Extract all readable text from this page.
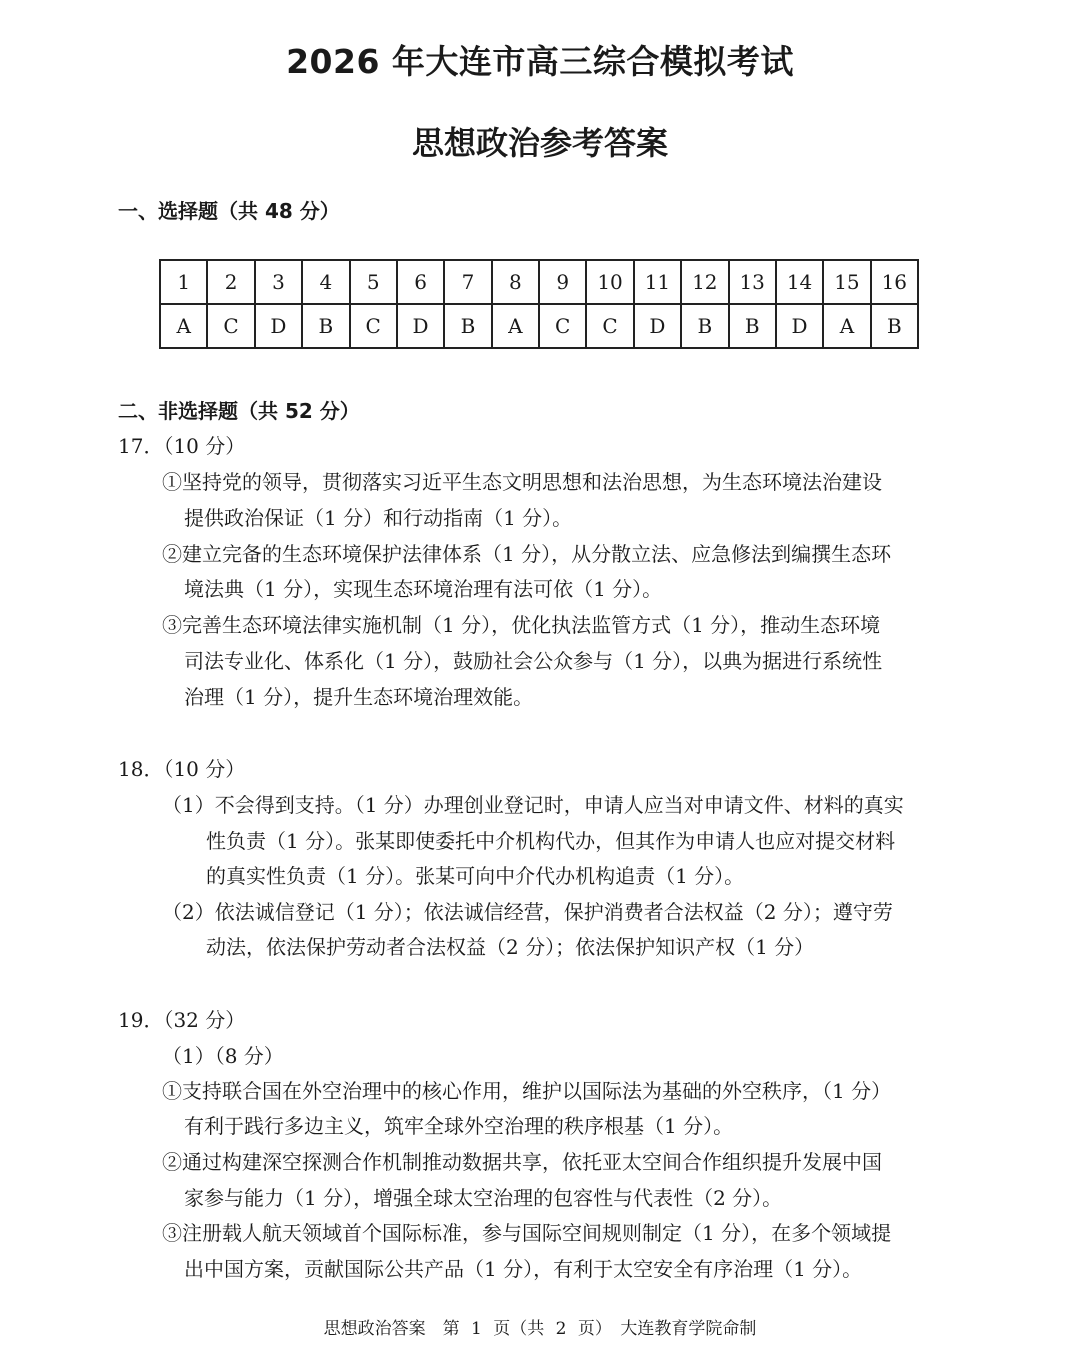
2026 年大连市高三综合模拟考试
思想政治参考答案
一、选择题（共 48 分）
1	2	3	4	5	6	7	8	9	10	11	12	13	14	15	16
A	C	D	B	C	D	B	A	C	C	D	B	B	D	A	B
二、非选择题（共 52 分）
17．（10 分）
①坚持党的领导，贯彻落实习近平生态文明思想和法治思想，为生态环境法治建设
提供政治保证（1 分）和行动指南（1 分）。
②建立完备的生态环境保护法律体系（1 分），从分散立法、应急修法到编撰生态环
境法典（1 分），实现生态环境治理有法可依（1 分）。
③完善生态环境法律实施机制（1 分），优化执法监管方式（1 分），推动生态环境
司法专业化、体系化（1 分），鼓励社会公众参与（1 分），以典为据进行系统性
治理（1 分），提升生态环境治理效能。
18．（10 分）
（1）不会得到支持。（1 分）办理创业登记时，申请人应当对申请文件、材料的真实
性负责（1 分）。张某即使委托中介机构代办，但其作为申请人也应对提交材料
的真实性负责（1 分）。张某可向中介代办机构追责（1 分）。
（2）依法诚信登记（1 分）；依法诚信经营，保护消费者合法权益（2 分）；遵守劳
动法，依法保护劳动者合法权益（2 分）；依法保护知识产权（1 分）
19．（32 分）
（1）（8 分）
①支持联合国在外空治理中的核心作用，维护以国际法为基础的外空秩序，（1 分）
有利于践行多边主义，筑牢全球外空治理的秩序根基（1 分）。
②通过构建深空探测合作机制推动数据共享，依托亚太空间合作组织提升发展中国
家参与能力（1 分），增强全球太空治理的包容性与代表性（2 分）。
③注册载人航天领域首个国际标准，参与国际空间规则制定（1 分），在多个领域提
出中国方案，贡献国际公共产品（1 分），有利于太空安全有序治理（1 分）。
思想政治答案　第 1 页（共 2 页）　大连教育学院命制
